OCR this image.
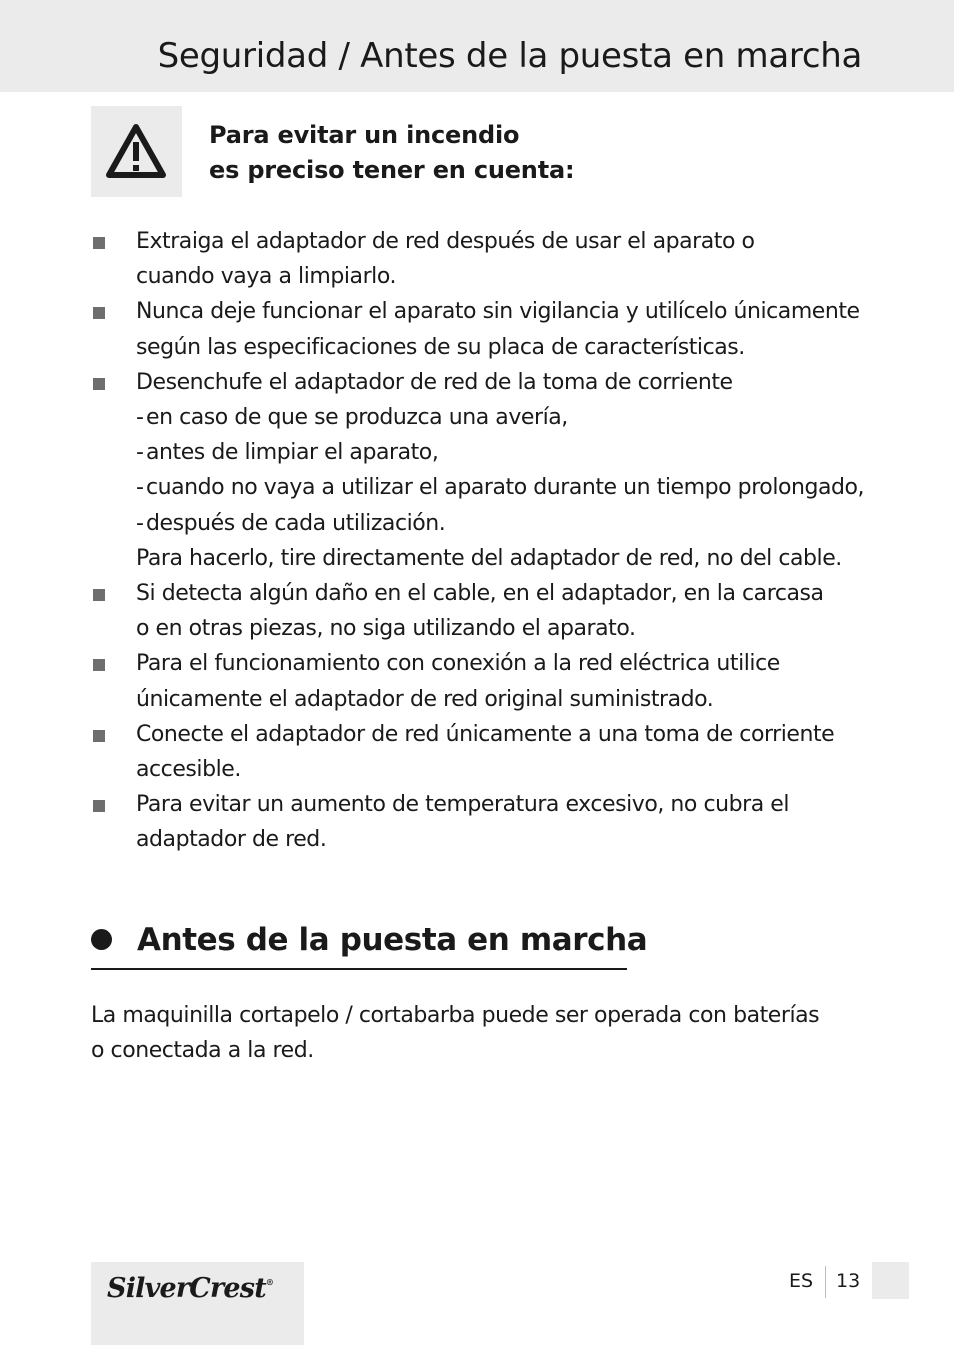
Seguridad / Antes de la puesta en marcha
Para evitar un incendio
es preciso tener en cuenta:
Extraiga el adaptador de red después de usar el aparato o
cuando vaya a limpiarlo.
Nunca deje funcionar el aparato sin vigilancia y utilícelo únicamente
según las especificaciones de su placa de características.
Desenchufe el adaptador de red de la toma de corriente
- en caso de que se produzca una avería,
- antes de limpiar el aparato,
- cuando no vaya a utilizar el aparato durante un tiempo prolongado,
- después de cada utilización.
Para hacerlo, tire directamente del adaptador de red, no del cable.
Si detecta algún daño en el cable, en el adaptador, en la carcasa
o en otras piezas, no siga utilizando el aparato.
Para el funcionamiento con conexión a la red eléctrica utilice
únicamente el adaptador de red original suministrado.
Conecte el adaptador de red únicamente a una toma de corriente
accesible.
Para evitar un aumento de temperatura excesivo, no cubra el
adaptador de red.
Antes de la puesta en marcha
La maquinilla cortapelo / cortabarba puede ser operada con baterías
o conectada a la red.
SilverCrest®	ES 13
